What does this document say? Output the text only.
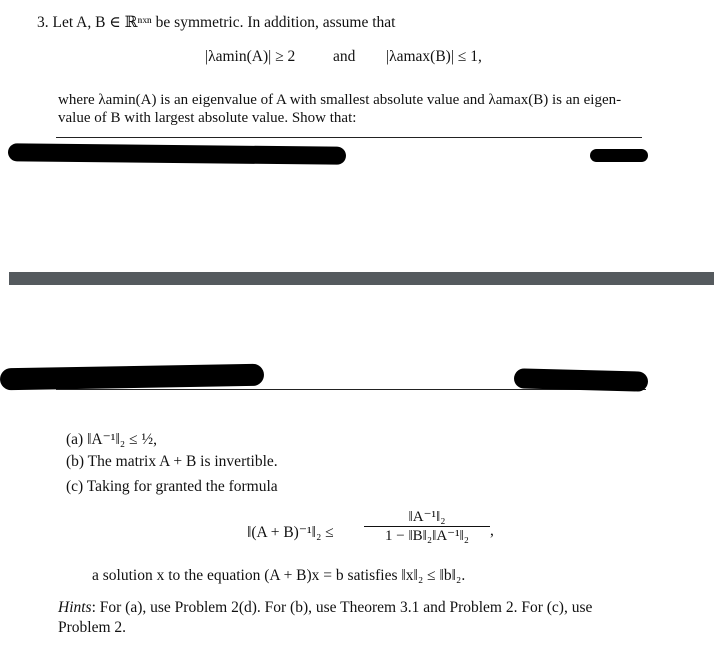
3. Let A, B ∈ ℝⁿˣⁿ be symmetric. In addition, assume that
|λamin(A)| ≥ 2 and |λamax(B)| ≤ 1,
where λamin(A) is an eigenvalue of A with smallest absolute value and λamax(B) is an eigen-
value of B with largest absolute value. Show that:
(a) ‖A⁻¹‖₂ ≤ ½,
(b) The matrix A + B is invertible.
(c) Taking for granted the formula
‖(A + B)⁻¹‖₂ ≤ $\frac{\text{‖A⁻¹‖₂}}{\text{1 − ‖B‖₂‖A⁻¹‖₂}}$ ,
a solution x to the equation (A + B)x = b satisfies ‖x‖₂ ≤ ‖b‖₂.
Hints: For (a), use Problem 2(d). For (b), use Theorem 3.1 and Problem 2. For (c), use
Problem 2.
